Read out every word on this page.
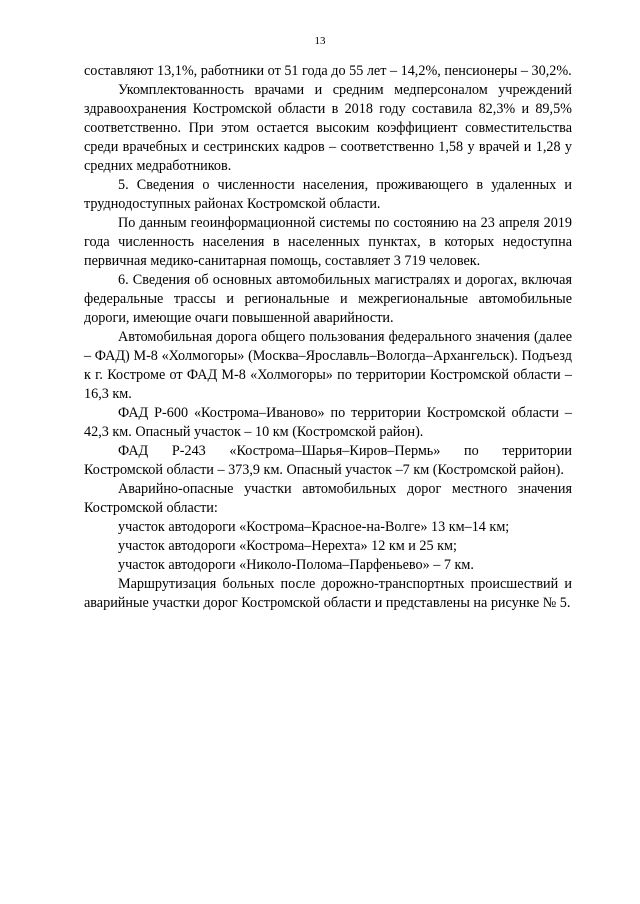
13

составляют 13,1%, работники от 51 года до 55 лет – 14,2%, пенсионеры – 30,2%.

Укомплектованность врачами и средним медперсоналом учреждений здравоохранения Костромской области в 2018 году составила 82,3% и 89,5% соответственно. При этом остается высоким коэффициент совместительства среди врачебных и сестринских кадров – соответственно 1,58 у врачей и 1,28 у средних медработников.

5. Сведения о численности населения, проживающего в удаленных и труднодоступных районах Костромской области.

По данным геоинформационной системы по состоянию на 23 апреля 2019 года численность населения в населенных пунктах, в которых недоступна первичная медико-санитарная помощь, составляет 3 719 человек.

6. Сведения об основных автомобильных магистралях и дорогах, включая федеральные трассы и региональные и межрегиональные автомобильные дороги, имеющие очаги повышенной аварийности.

Автомобильная дорога общего пользования федерального значения (далее – ФАД) М-8 «Холмогоры» (Москва–Ярославль–Вологда–Архангельск). Подъезд к г. Костроме от ФАД М-8 «Холмогоры» по территории Костромской области – 16,3 км.

ФАД Р-600 «Кострома–Иваново» по территории Костромской области – 42,3 км. Опасный участок – 10 км (Костромской район).

ФАД Р-243 «Кострома–Шарья–Киров–Пермь» по территории Костромской области – 373,9 км. Опасный участок –7 км (Костромской район).

Аварийно-опасные участки автомобильных дорог местного значения Костромской области:

участок автодороги «Кострома–Красное-на-Волге» 13 км–14 км;

участок автодороги «Кострома–Нерехта» 12 км и 25 км;

участок автодороги «Николо-Полома–Парфеньево» – 7 км.

Маршрутизация больных после дорожно-транспортных происшествий и аварийные участки дорог Костромской области и представлены на рисунке № 5.
